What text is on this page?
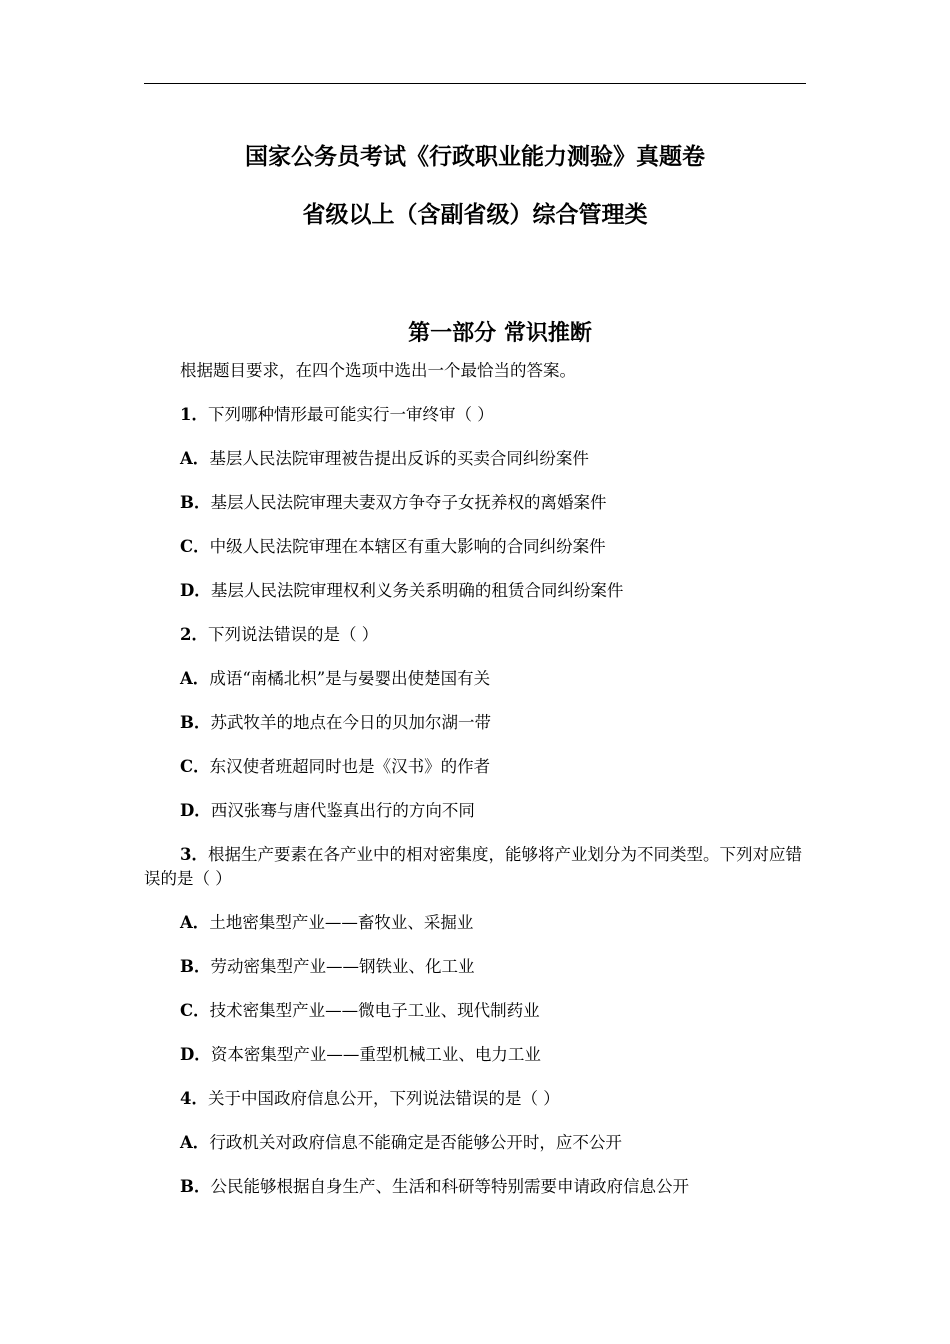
国家公务员考试《行政职业能力测验》真题卷
省级以上（含副省级）综合管理类
第一部分 常识推断
根据题目要求，在四个选项中选出一个最恰当的答案。
1．下列哪种情形最可能实行一审终审（ ）
A．基层人民法院审理被告提出反诉的买卖合同纠纷案件
B．基层人民法院审理夫妻双方争夺子女抚养权的离婚案件
C．中级人民法院审理在本辖区有重大影响的合同纠纷案件
D．基层人民法院审理权利义务关系明确的租赁合同纠纷案件
2．下列说法错误的是（ ）
A．成语“南橘北枳”是与晏婴出使楚国有关
B．苏武牧羊的地点在今日的贝加尔湖一带
C．东汉使者班超同时也是《汉书》的作者
D．西汉张骞与唐代鉴真出行的方向不同
3．根据生产要素在各产业中的相对密集度，能够将产业划分为不同类型。下列对应错误的是（ ）
A．土地密集型产业——畜牧业、采掘业
B．劳动密集型产业——钢铁业、化工业
C．技术密集型产业——微电子工业、现代制药业
D．资本密集型产业——重型机械工业、电力工业
4．关于中国政府信息公开，下列说法错误的是（ ）
A．行政机关对政府信息不能确定是否能够公开时，应不公开
B．公民能够根据自身生产、生活和科研等特别需要申请政府信息公开
